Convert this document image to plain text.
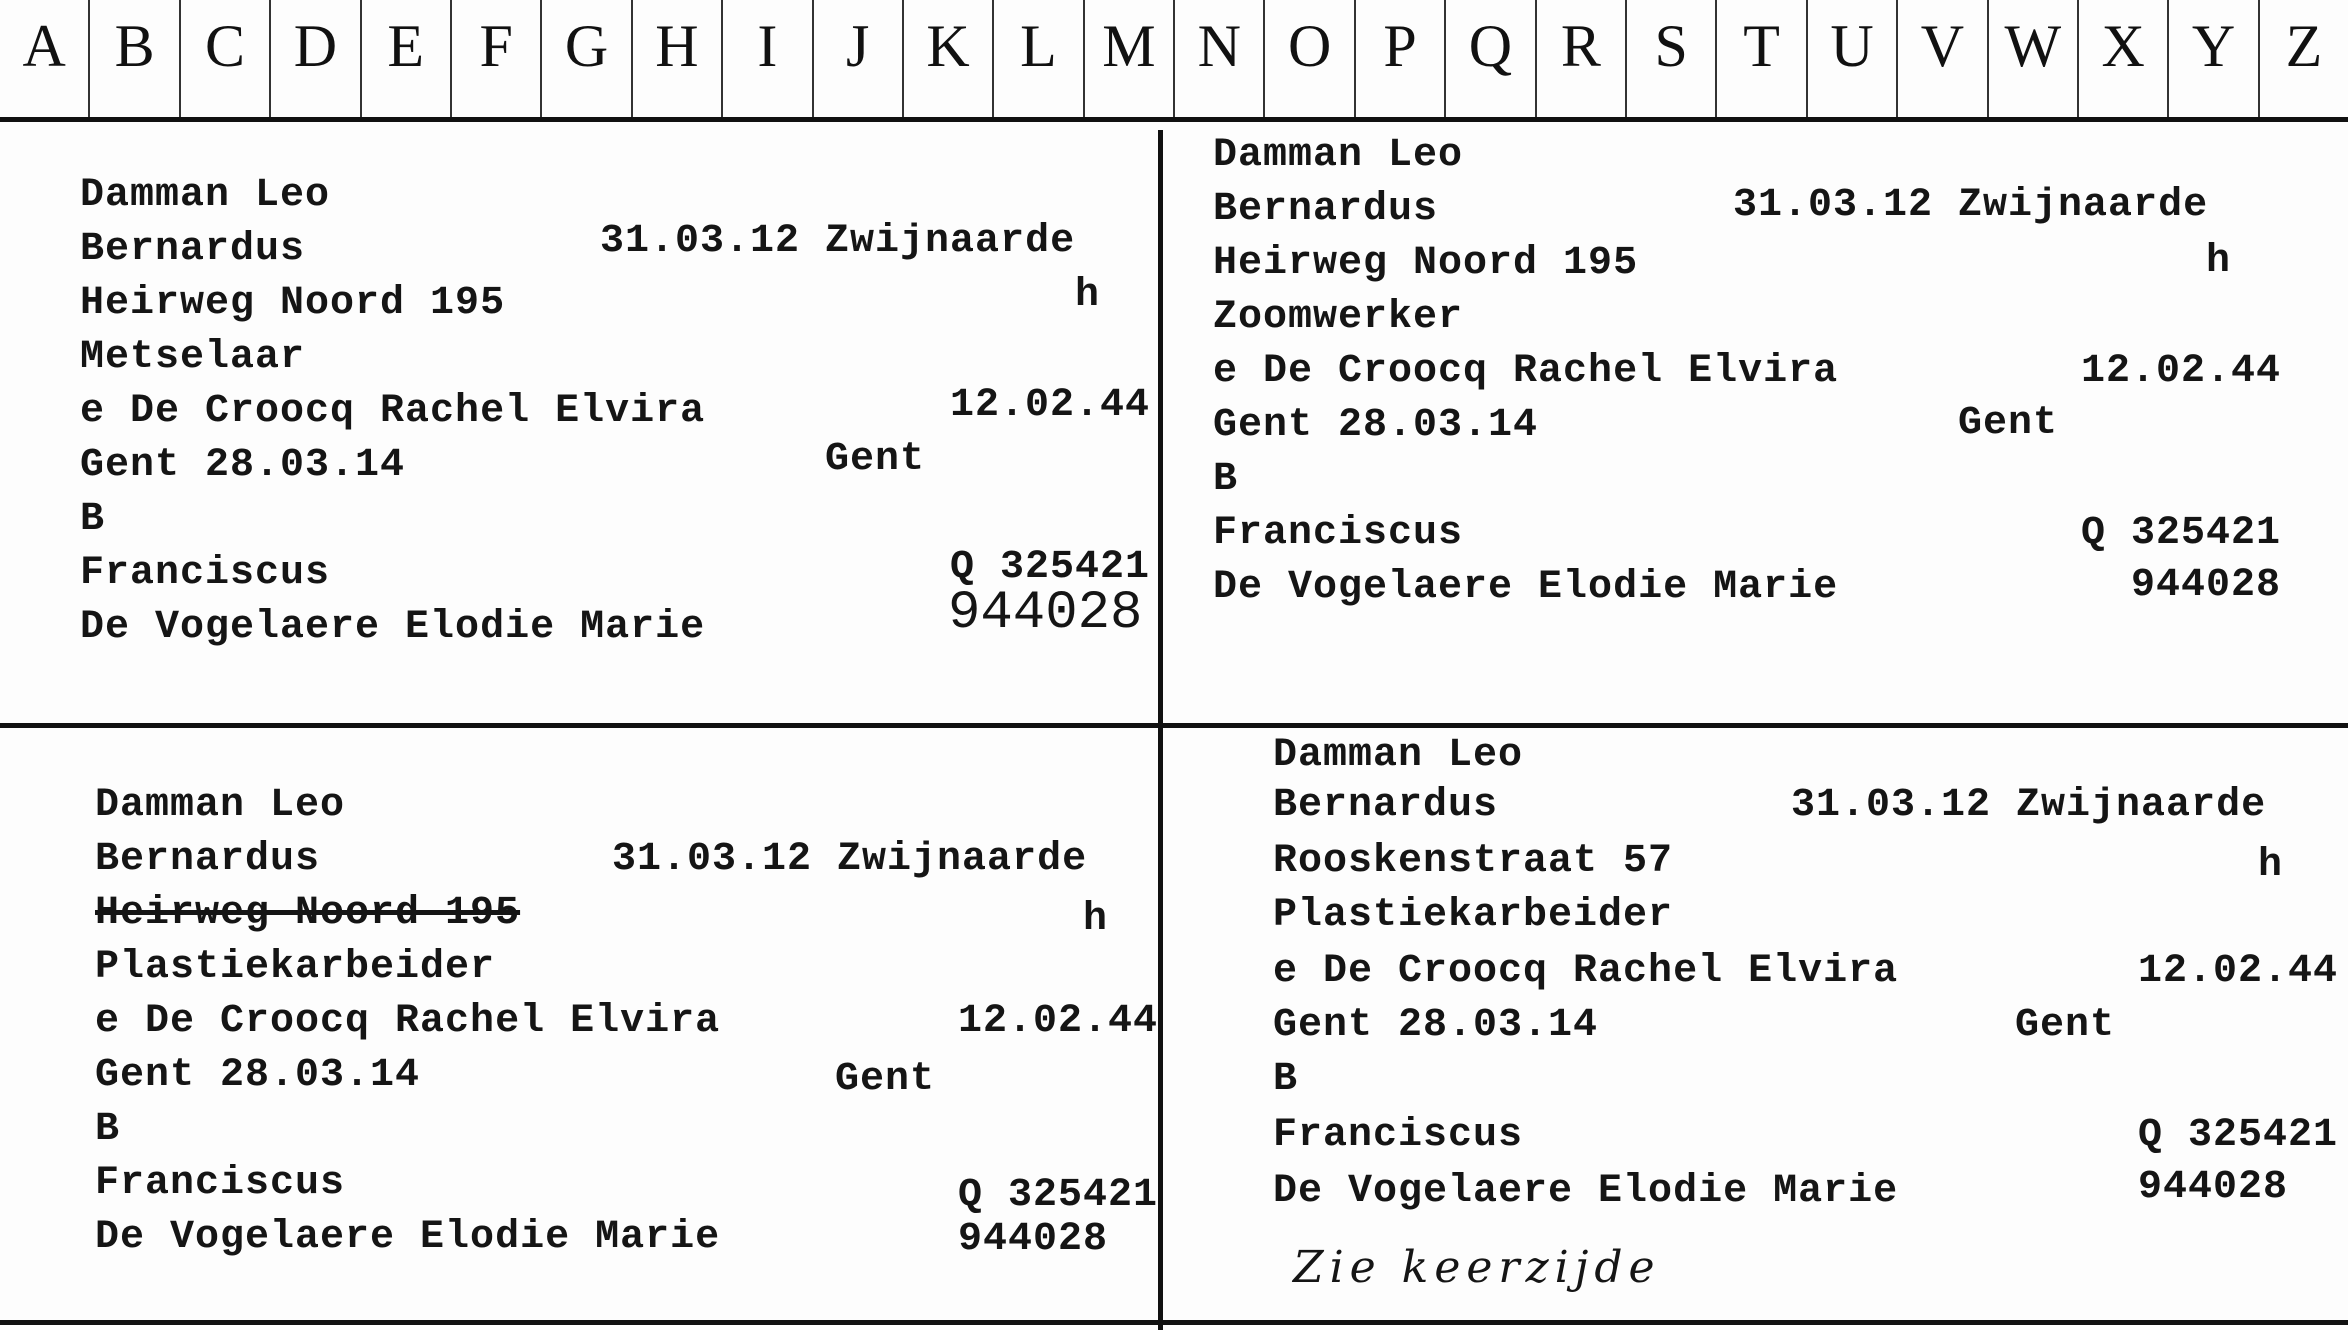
A B C D E F G H I	J K L M N O P Q R S T U V W X Y Z
Damman Leo
Bernardus	31.03.12 Zwijnaarde
Heirweg Noord 195	h
Metselaar
e De Croocq Rachel Elvira	12.02.44
Gent 28.03.14	Gent
B
Franciscus	Q 325421
De Vogelaere Elodie Marie	944028
Damman Leo
Bernardus	31.03.12 Zwijnaarde
Heirweg Noord 195	h
Zoomwerker
e De Croocq Rachel Elvira	12.02.44
Gent 28.03.14	Gent
B
Franciscus	Q 325421
De Vogelaere Elodie Marie	944028
Damman Leo
Bernardus	31.03.12 Zwijnaarde
Heirweg Noord 195	h
Plastiekarbeider
e De Croocq Rachel Elvira	12.02.44
Gent 28.03.14	Gent
B
Franciscus	Q 325421
De Vogelaere Elodie Marie	944028
Damman Leo
Bernardus	31.03.12 Zwijnaarde
Rooskenstraat 57	h
Plastiekarbeider
e De Croocq Rachel Elvira	12.02.44
Gent 28.03.14	Gent
B
Franciscus	Q 325421
De Vogelaere Elodie Marie	944028
Zie keerzijde
